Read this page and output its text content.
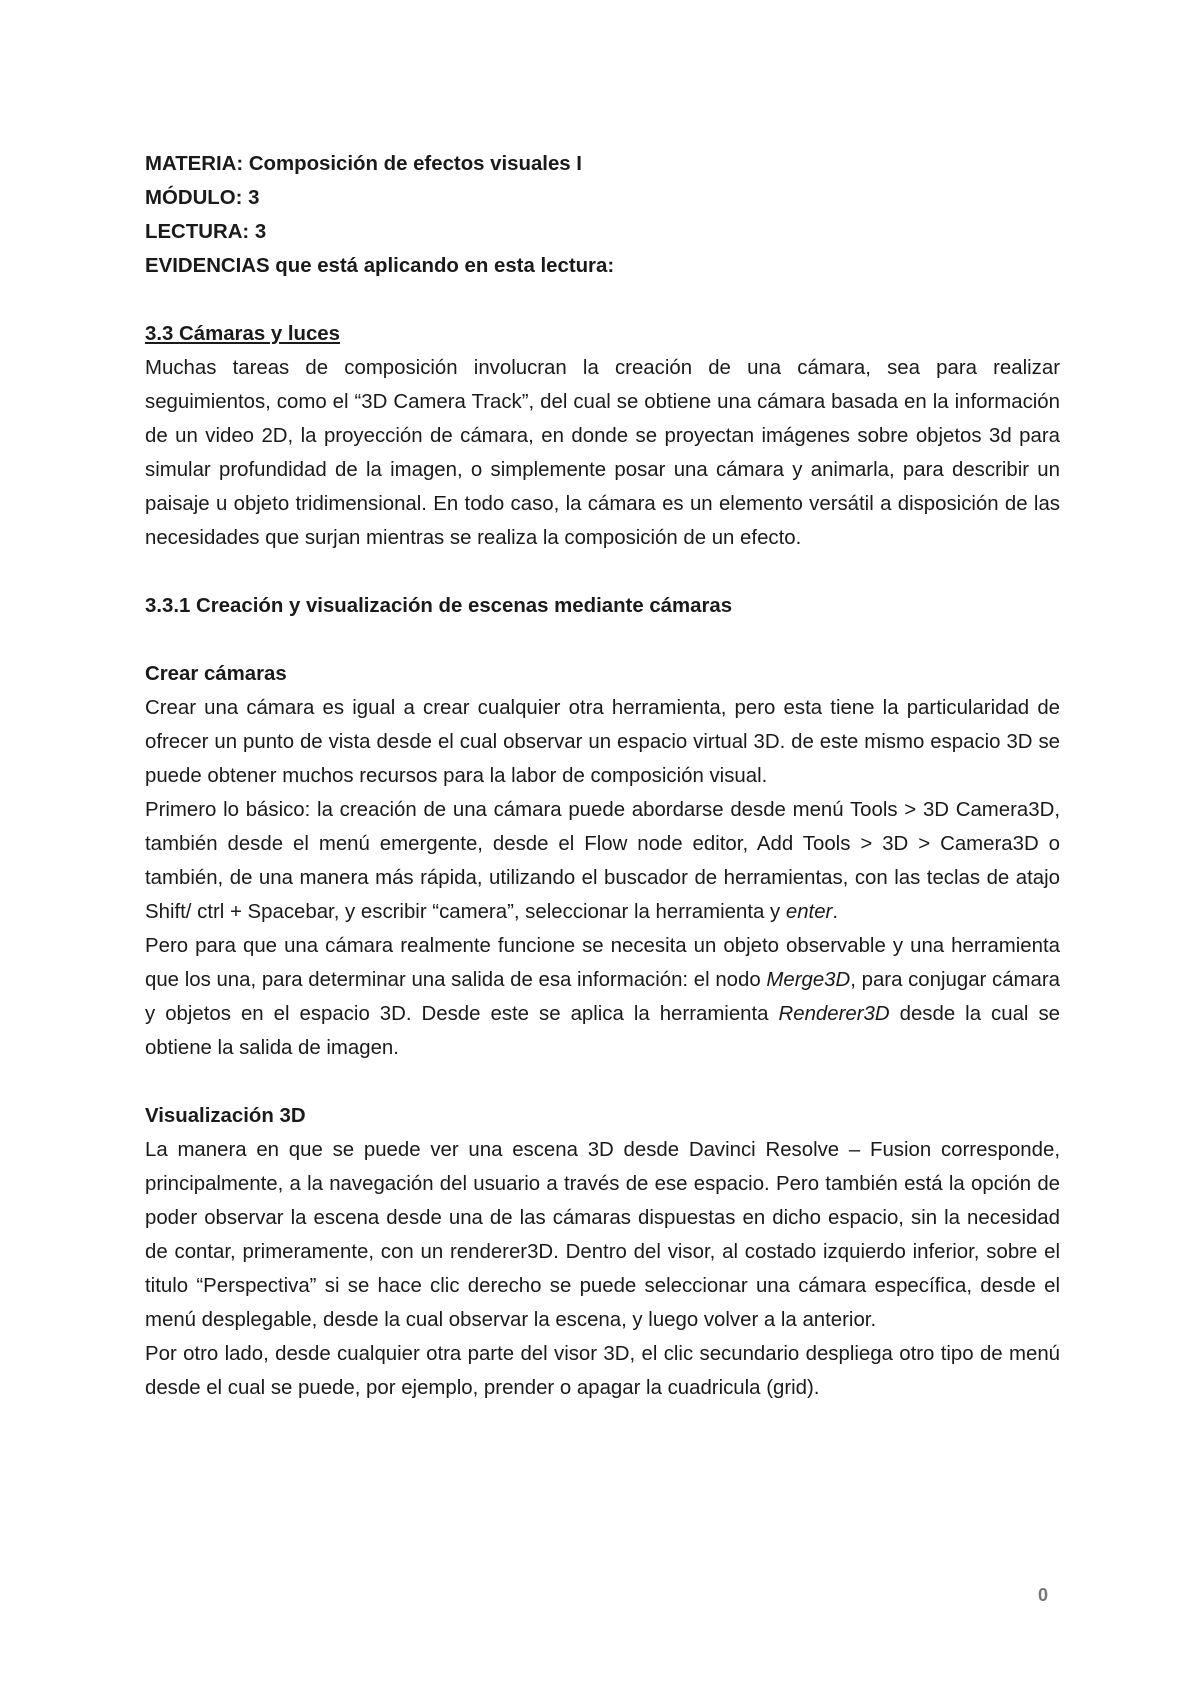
MATERIA: Composición de efectos visuales I
MÓDULO: 3
LECTURA: 3
EVIDENCIAS que está aplicando en esta lectura:
3.3 Cámaras y luces
Muchas tareas de composición involucran la creación de una cámara, sea para realizar seguimientos, como el “3D Camera Track”, del cual se obtiene una cámara basada en la información de un video 2D, la proyección de cámara, en donde se proyectan imágenes sobre objetos 3d para simular profundidad de la imagen, o simplemente posar una cámara y animarla, para describir un paisaje u objeto tridimensional. En todo caso, la cámara es un elemento versátil a disposición de las necesidades que surjan mientras se realiza la composición de un efecto.
3.3.1 Creación y visualización de escenas mediante cámaras
Crear cámaras
Crear una cámara es igual a crear cualquier otra herramienta, pero esta tiene la particularidad de ofrecer un punto de vista desde el cual observar un espacio virtual 3D. de este mismo espacio 3D se puede obtener muchos recursos para la labor de composición visual.
Primero lo básico: la creación de una cámara puede abordarse desde menú Tools > 3D Camera3D, también desde el menú emergente, desde el Flow node editor, Add Tools > 3D > Camera3D o también, de una manera más rápida, utilizando el buscador de herramientas, con las teclas de atajo Shift/ ctrl + Spacebar, y escribir “camera”, seleccionar la herramienta y enter.
Pero para que una cámara realmente funcione se necesita un objeto observable y una herramienta que los una, para determinar una salida de esa información: el nodo Merge3D, para conjugar cámara y objetos en el espacio 3D. Desde este se aplica la herramienta Renderer3D desde la cual se obtiene la salida de imagen.
Visualización 3D
La manera en que se puede ver una escena 3D desde Davinci Resolve – Fusion corresponde, principalmente, a la navegación del usuario a través de ese espacio. Pero también está la opción de poder observar la escena desde una de las cámaras dispuestas en dicho espacio, sin la necesidad de contar, primeramente, con un renderer3D. Dentro del visor, al costado izquierdo inferior, sobre el titulo “Perspectiva” si se hace clic derecho se puede seleccionar una cámara específica, desde el menú desplegable, desde la cual observar la escena, y luego volver a la anterior.
Por otro lado, desde cualquier otra parte del visor 3D, el clic secundario despliega otro tipo de menú desde el cual se puede, por ejemplo, prender o apagar la cuadricula (grid).
0
